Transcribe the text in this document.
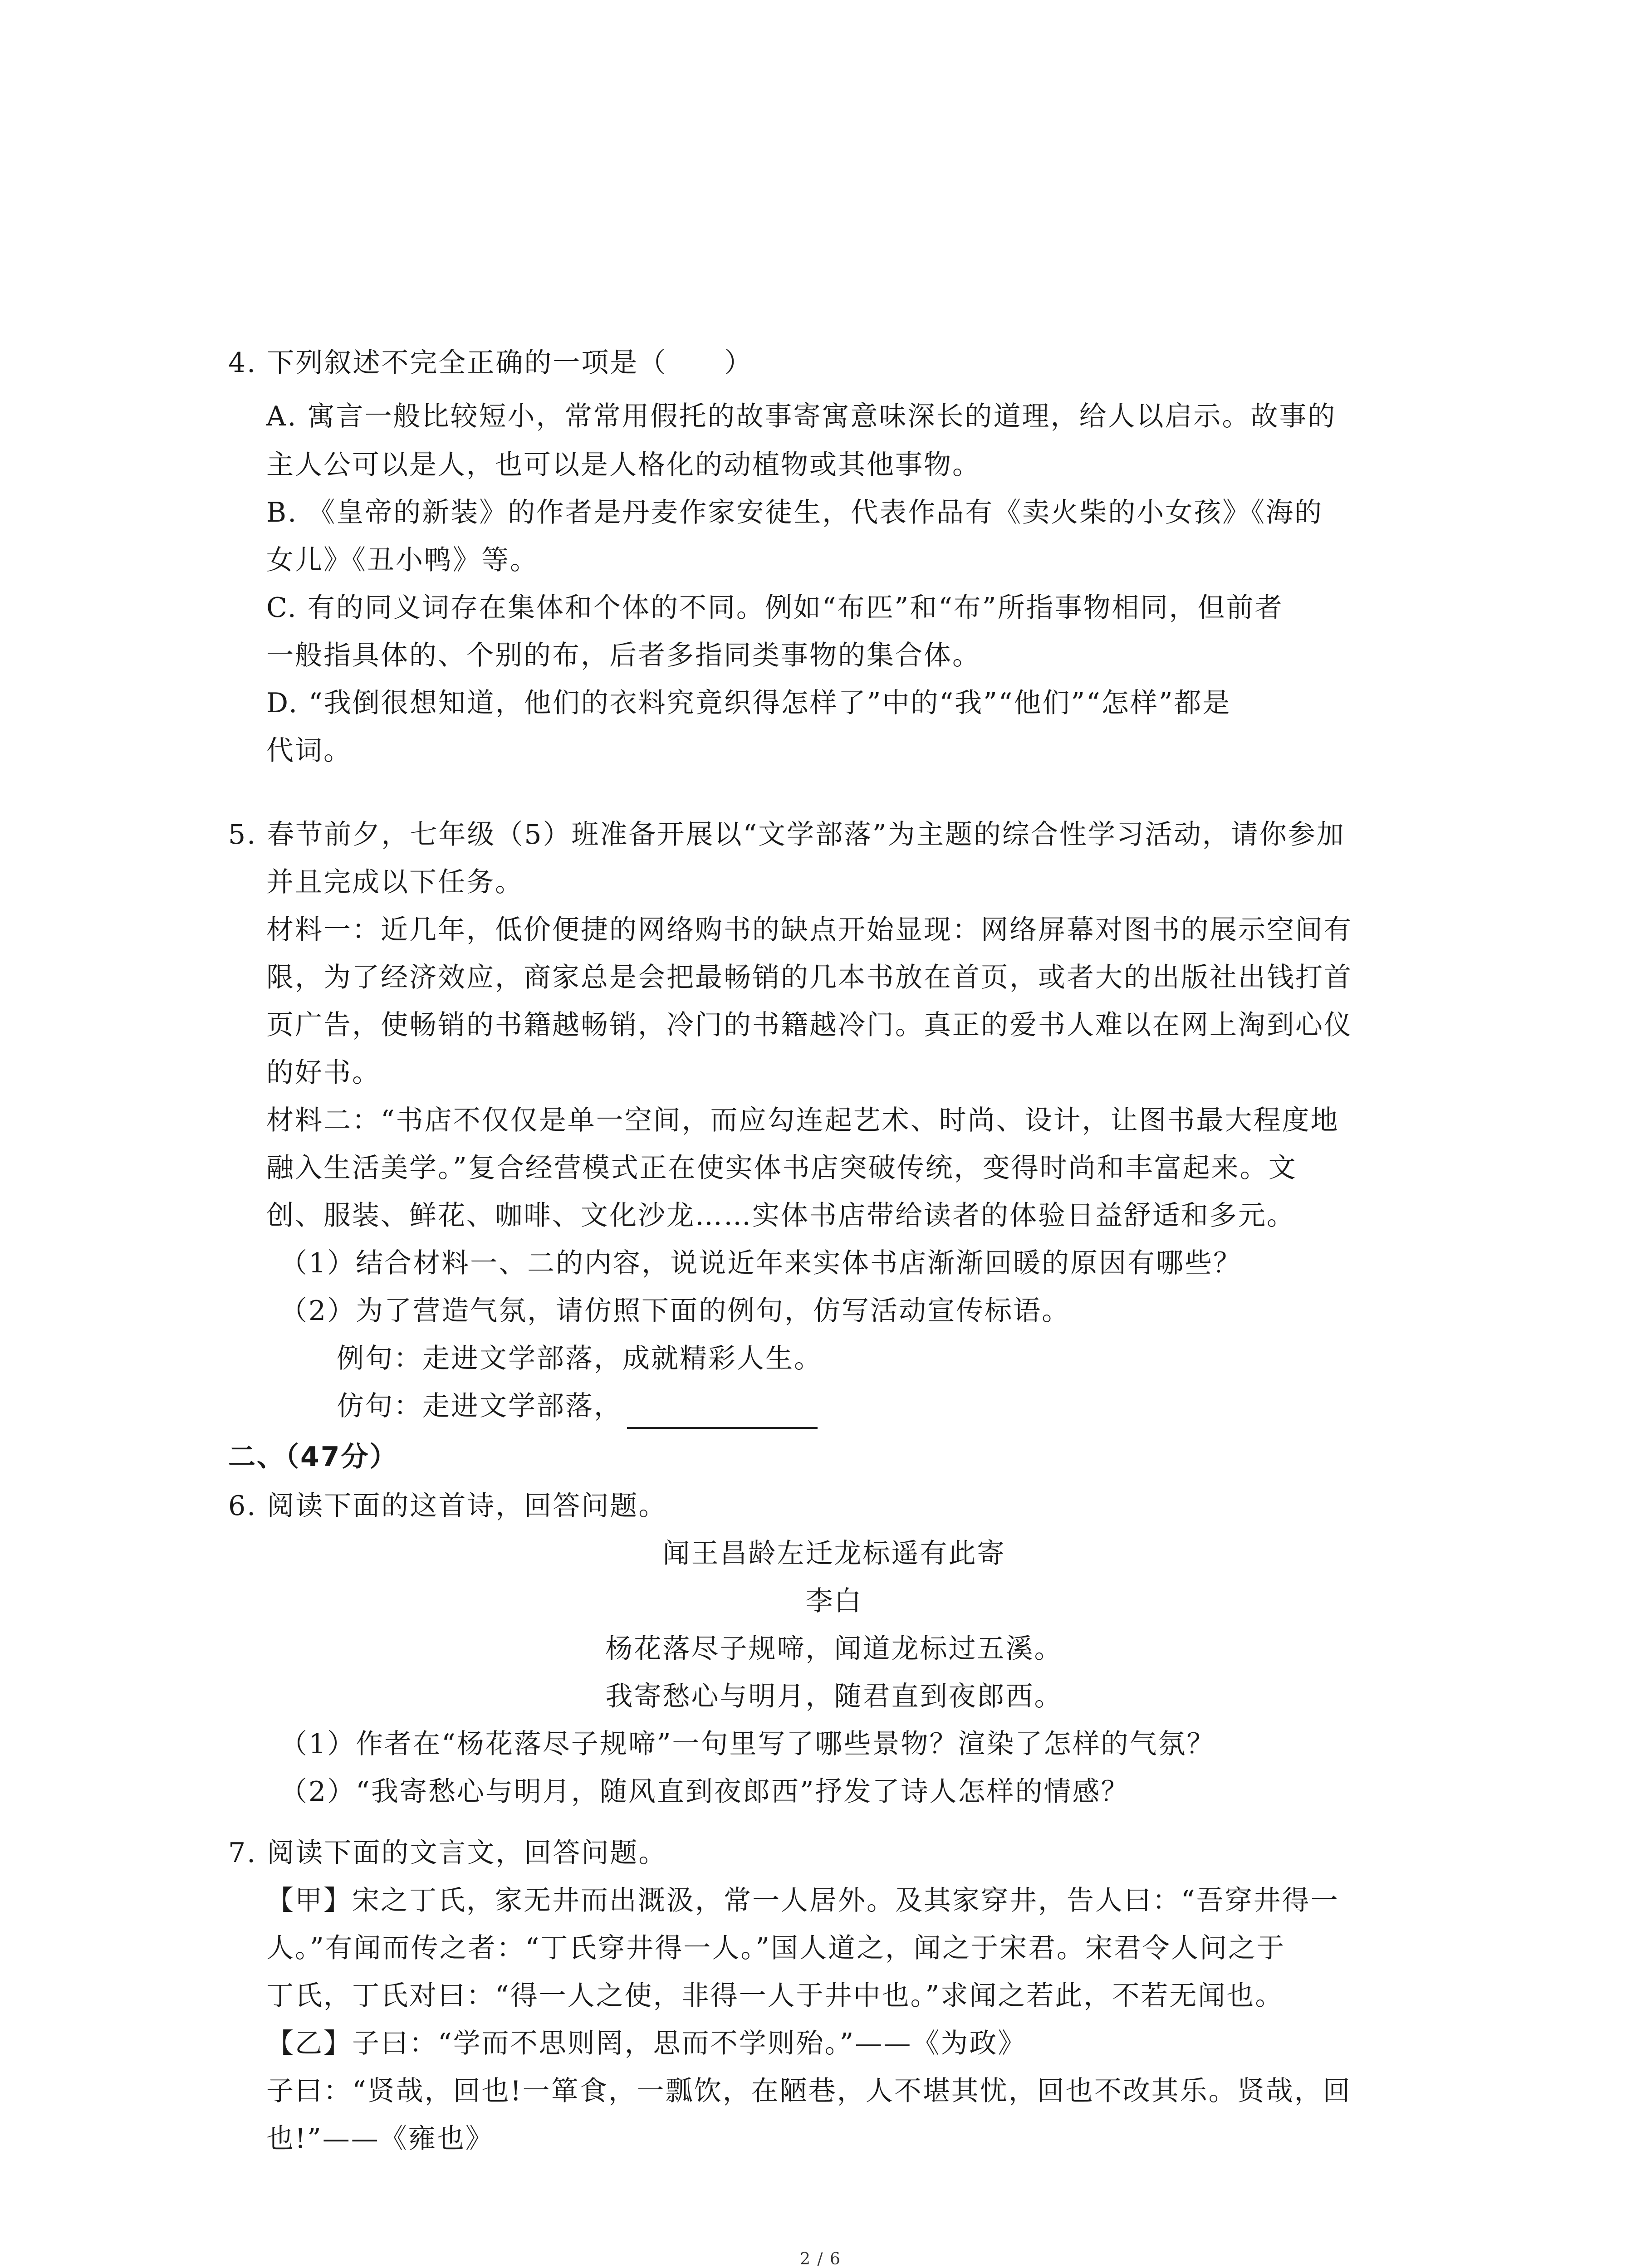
4. 下列叙述不完全正确的一项是（　　）
A. 寓言一般比较短小，常常用假托的故事寄寓意味深长的道理，给人以启示。故事的
主人公可以是人，也可以是人格化的动植物或其他事物。
B. 《皇帝的新装》的作者是丹麦作家安徒生，代表作品有《卖火柴的小女孩》《海的
女儿》《丑小鸭》等。
C. 有的同义词存在集体和个体的不同。例如“布匹”和“布”所指事物相同，但前者
一般指具体的、个别的布，后者多指同类事物的集合体。
D. “我倒很想知道，他们的衣料究竟织得怎样了”中的“我”“他们”“怎样”都是
代词。
5. 春节前夕，七年级（5）班准备开展以“文学部落”为主题的综合性学习活动，请你参加
并且完成以下任务。
材料一：近几年，低价便捷的网络购书的缺点开始显现：网络屏幕对图书的展示空间有
限，为了经济效应，商家总是会把最畅销的几本书放在首页，或者大的出版社出钱打首
页广告，使畅销的书籍越畅销，冷门的书籍越冷门。真正的爱书人难以在网上淘到心仪
的好书。
材料二：“书店不仅仅是单一空间，而应勾连起艺术、时尚、设计，让图书最大程度地
融入生活美学。”复合经营模式正在使实体书店突破传统，变得时尚和丰富起来。文
创、服装、鲜花、咖啡、文化沙龙……实体书店带给读者的体验日益舒适和多元。
（1）结合材料一、二的内容，说说近年来实体书店渐渐回暖的原因有哪些？
（2）为了营造气氛，请仿照下面的例句，仿写活动宣传标语。
例句：走进文学部落，成就精彩人生。
仿句：走进文学部落，
二、（47分）
6. 阅读下面的这首诗，回答问题。
闻王昌龄左迁龙标遥有此寄
李白
杨花落尽子规啼，闻道龙标过五溪。
我寄愁心与明月，随君直到夜郎西。
（1）作者在“杨花落尽子规啼”一句里写了哪些景物？渲染了怎样的气氛？
（2）“我寄愁心与明月，随风直到夜郎西”抒发了诗人怎样的情感？
7. 阅读下面的文言文，回答问题。
【甲】宋之丁氏，家无井而出溉汲，常一人居外。及其家穿井，告人曰：“吾穿井得一
人。”有闻而传之者：“丁氏穿井得一人。”国人道之，闻之于宋君。宋君令人问之于
丁氏，丁氏对曰：“得一人之使，非得一人于井中也。”求闻之若此，不若无闻也。
【乙】子曰：“学而不思则罔，思而不学则殆。”——《为政》
子曰：“贤哉，回也!一箪食，一瓢饮，在陋巷，人不堪其忧，回也不改其乐。贤哉，回
也!”——《雍也》
2 / 6
